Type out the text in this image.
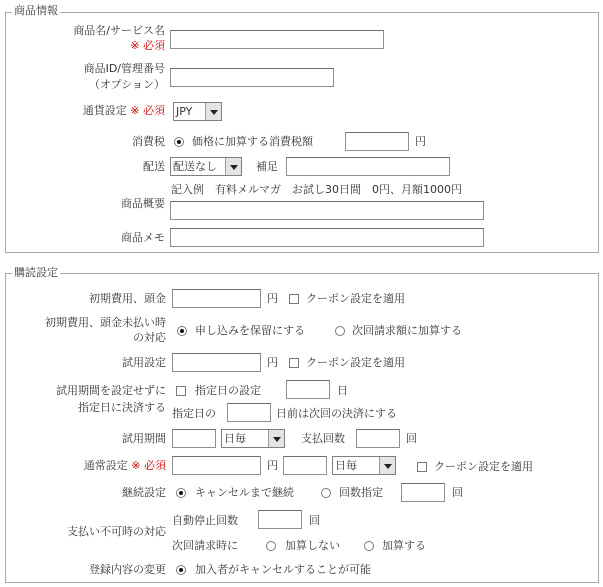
商品情報
商品名/サービス名
※ 必須
商品ID/管理番号
（オプション）
通貨設定 ※ 必須 JPY
消費税 価格に加算する消費税額	円
配送 配送なし	補足
記入例　有料メルマガ　お試し30日間　0円、月額1000円
商品概要
商品メモ
購読設定
初期費用、頭金	円	クーポン設定を適用
初期費用、頭金未払い時
の対応
申し込みを保留にする	次回請求額に加算する
試用設定	円	クーポン設定を適用
試用期間を設定せずに
指定日に決済する
指定日の設定	日
指定日の	日前は次回の決済にする
試用期間	日毎	支払回数	回
通常設定 ※ 必須	円	日毎	クーポン設定を適用
継続設定	キャンセルまで継続	回数指定	回
支払い不可時の対応
自動停止回数	回
次回請求時に	加算しない	加算する
登録内容の変更	加入者がキャンセルすることが可能
